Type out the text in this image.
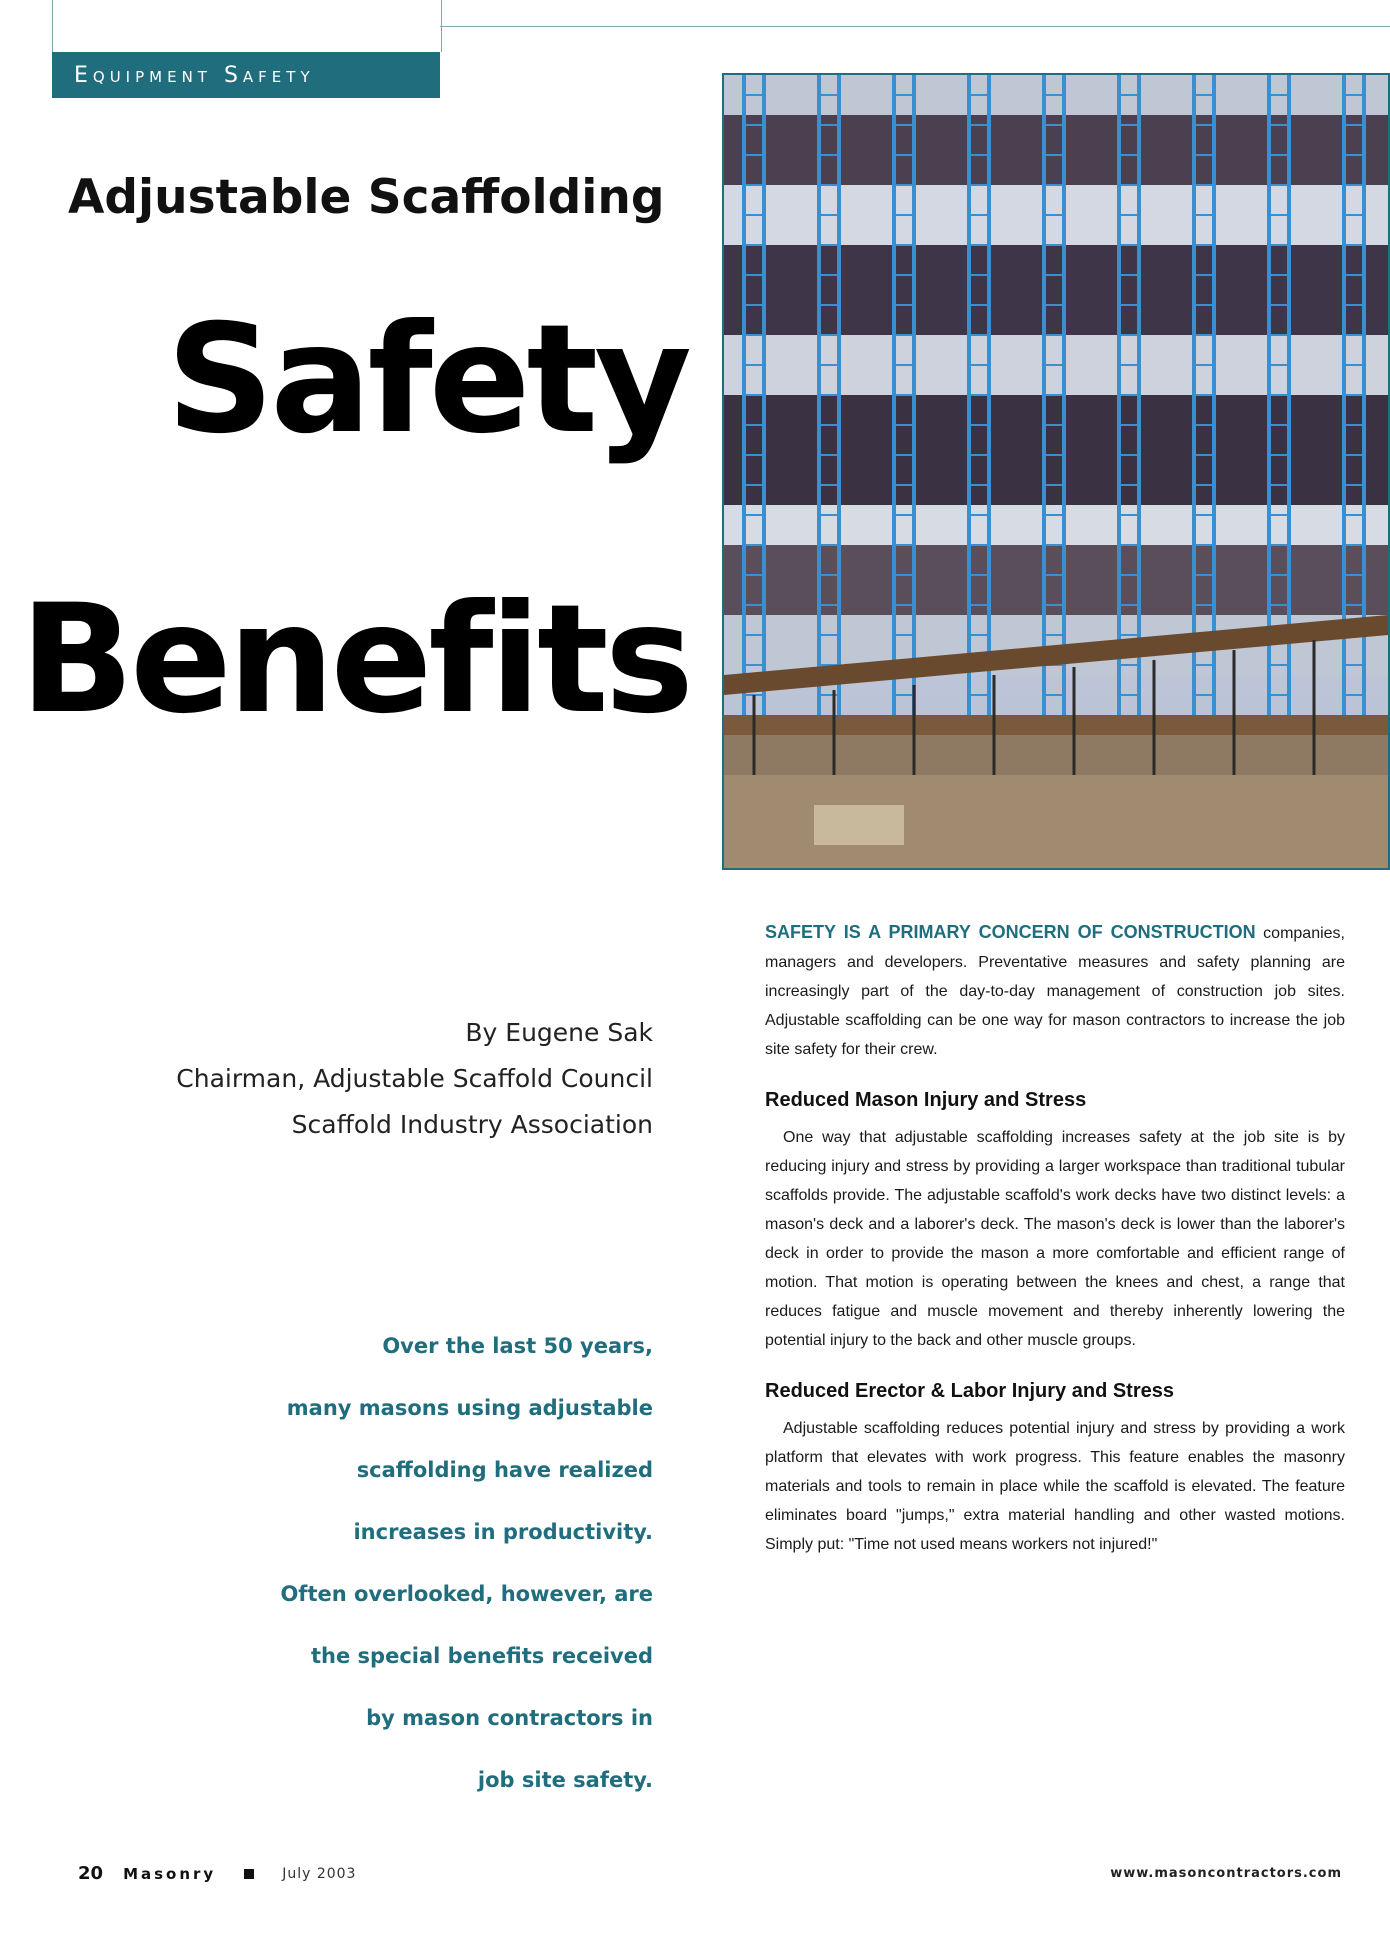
Equipment Safety
Adjustable Scaffolding
Safety
Benefits
By Eugene Sak
Chairman, Adjustable Scaffold Council
Scaffold Industry Association
Over the last 50 years,
many masons using adjustable
scaffolding have realized
increases in productivity.
Often overlooked, however, are
the special benefits received
by mason contractors in
job site safety.

SAFETY IS A PRIMARY CONCERN OF CONSTRUCTION companies, managers and developers. Preventative measures and safety planning are increasingly part of the day-to-day management of construction job sites. Adjustable scaffolding can be one way for mason contractors to increase the job site safety for their crew.

Reduced Mason Injury and Stress

One way that adjustable scaffolding increases safety at the job site is by reducing injury and stress by providing a larger workspace than traditional tubular scaffolds provide. The adjustable scaffold's work decks have two distinct levels: a mason's deck and a laborer's deck. The mason's deck is lower than the laborer's deck in order to provide the mason a more comfortable and efficient range of motion. That motion is operating between the knees and chest, a range that reduces fatigue and muscle movement and thereby inherently lowering the potential injury to the back and other muscle groups.

Reduced Erector & Labor Injury and Stress

Adjustable scaffolding reduces potential injury and stress by providing a work platform that elevates with work progress. This feature enables the masonry materials and tools to remain in place while the scaffold is elevated. The feature eliminates board "jumps," extra material handling and other wasted motions. Simply put: "Time not used means workers not injured!"

20 Masonry	July 2003	www.masoncontractors.com
